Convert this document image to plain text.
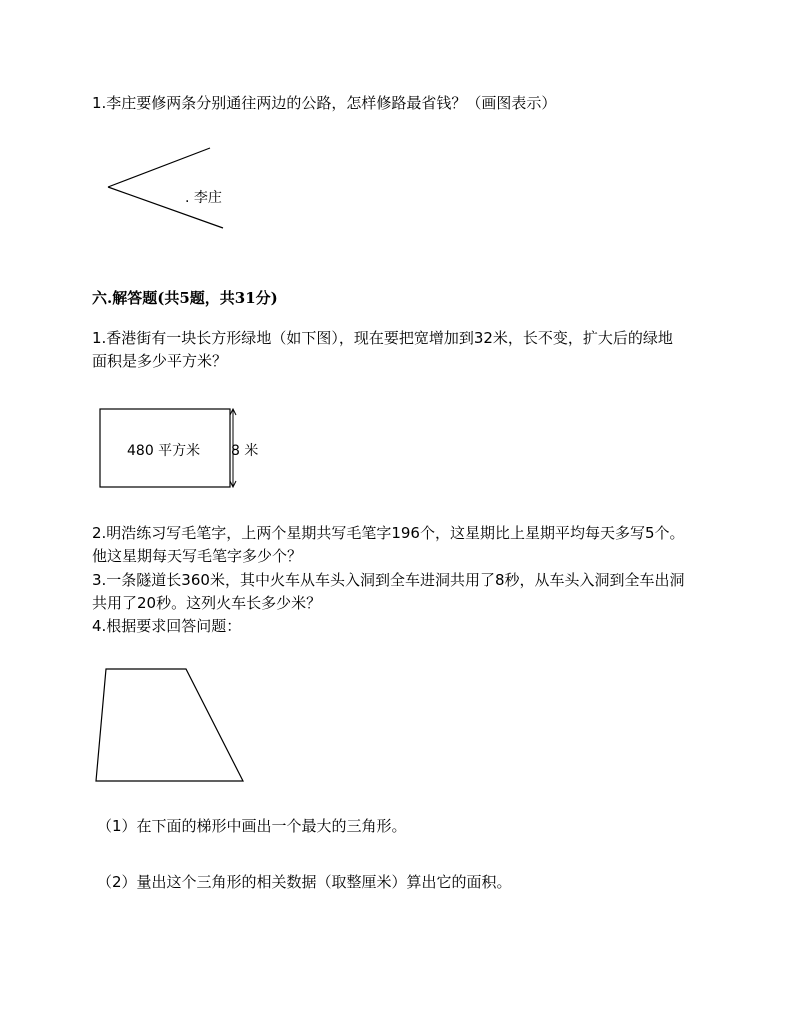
1.李庄要修两条分别通往两边的公路，怎样修路最省钱？（画图表示）
. 李庄
六.解答题(共5题，共31分)
1.香港街有一块长方形绿地（如下图），现在要把宽增加到32米，长不变，扩大后的绿地
面积是多少平方米？
480 平方米 8 米
2.明浩练习写毛笔字，上两个星期共写毛笔字196个，这星期比上星期平均每天多写5个。
他这星期每天写毛笔字多少个？
3.一条隧道长360米，其中火车从车头入洞到全车进洞共用了8秒，从车头入洞到全车出洞
共用了20秒。这列火车长多少米？
4.根据要求回答问题：
（1）在下面的梯形中画出一个最大的三角形。
（2）量出这个三角形的相关数据（取整厘米）算出它的面积。
